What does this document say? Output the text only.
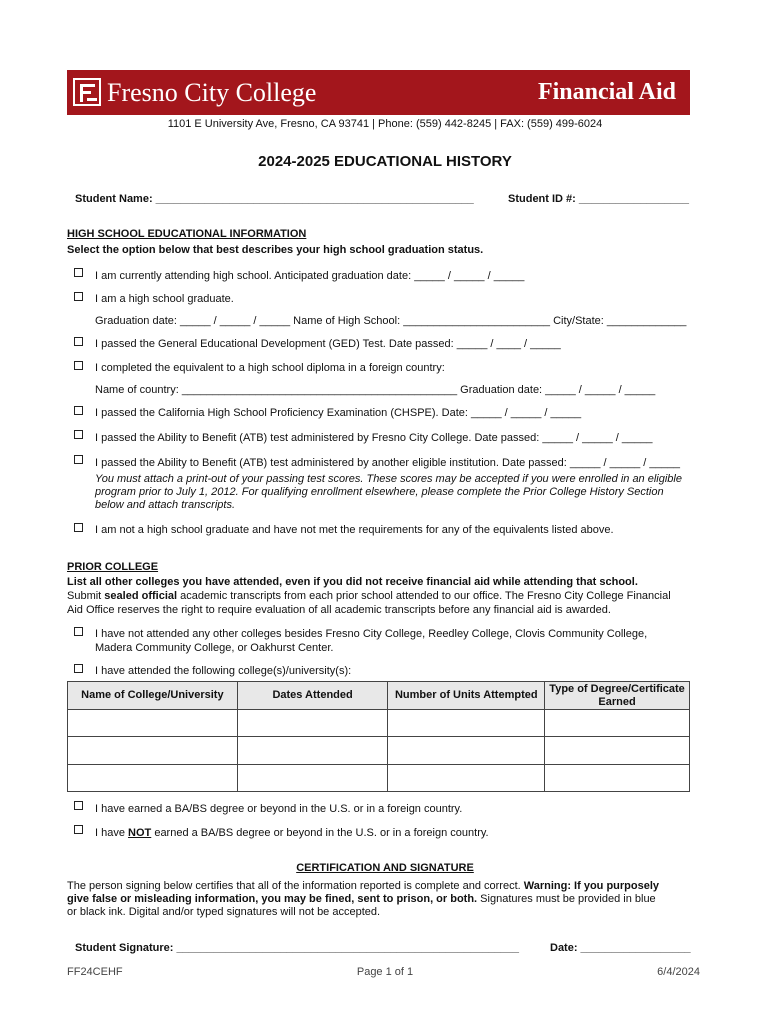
Fresno City College	Financial Aid
1101 E University Ave, Fresno, CA 93741 | Phone: (559) 442-8245 | FAX: (559) 499-6024
2024-2025 EDUCATIONAL HISTORY
Student Name: ____________________________________________________	Student ID #: __________________
HIGH SCHOOL EDUCATIONAL INFORMATION
Select the option below that best describes your high school graduation status.
I am currently attending high school. Anticipated graduation date: _____ / _____ / _____
I am a high school graduate.
Graduation date: _____ / _____ / _____ Name of High School: ________________________ City/State: _____________
I passed the General Educational Development (GED) Test. Date passed: _____ / ____ / _____
I completed the equivalent to a high school diploma in a foreign country:
Name of country: _____________________________________________ Graduation date: _____ / _____ / _____
I passed the California High School Proficiency Examination (CHSPE). Date: _____ / _____ / _____
I passed the Ability to Benefit (ATB) test administered by Fresno City College. Date passed: _____ / _____ / _____
I passed the Ability to Benefit (ATB) test administered by another eligible institution. Date passed: _____ / _____ / _____
You must attach a print-out of your passing test scores. These scores may be accepted if you were enrolled in an eligible
program prior to July 1, 2012. For qualifying enrollment elsewhere, please complete the Prior College History Section
below and attach transcripts.
I am not a high school graduate and have not met the requirements for any of the equivalents listed above.
PRIOR COLLEGE
List all other colleges you have attended, even if you did not receive financial aid while attending that school.
Submit sealed official academic transcripts from each prior school attended to our office. The Fresno City College Financial
Aid Office reserves the right to require evaluation of all academic transcripts before any financial aid is awarded.
I have not attended any other colleges besides Fresno City College, Reedley College, Clovis Community College,
Madera Community College, or Oakhurst Center.
I have attended the following college(s)/university(s):
Name of College/University	Dates Attended	Number of Units Attempted	Type of Degree/Certificate Earned

I have earned a BA/BS degree or beyond in the U.S. or in a foreign country.
I have NOT earned a BA/BS degree or beyond in the U.S. or in a foreign country.
CERTIFICATION AND SIGNATURE
The person signing below certifies that all of the information reported is complete and correct. Warning: If you purposely
give false or misleading information, you may be fined, sent to prison, or both. Signatures must be provided in blue
or black ink. Digital and/or typed signatures will not be accepted.
Student Signature: ________________________________________________________	Date: __________________
FF24CEHF	Page 1 of 1	6/4/2024
